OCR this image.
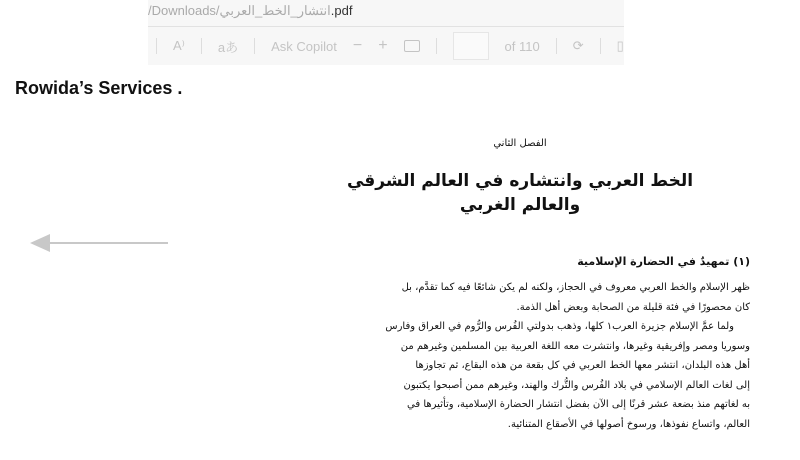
/Downloads/انتشار_الخط_العربي.pdf
A⁾	aあ	Ask Copilot − +	of 110	⟳	▯
Rowida’s Services .
الفصل الثاني
الخط العربي وانتشاره في العالم الشرقي
والعالم الغربي
(١) تمهيدٌ في الحضارة الإسلامية
ظهر الإسلام والخط العربي معروف في الحجاز، ولكنه لم يكن شائعًا فيه كما تقدَّم، بل
كان محصورًا في فئة قليلة من الصحابة وبعض أهل الذمة.
ولما عمَّ الإسلام جزيرة العرب١ كلها، وذهب بدولتي الفُرس والرُّوم في العراق وفارس
وسوريا ومصر وإفريقية وغيرها، وانتشرت معه اللغة العربية بين المسلمين وغيرهم من
أهل هذه البلدان، انتشر معها الخط العربي في كل بقعة من هذه البقاع، ثم تجاوزها
إلى لغات العالم الإسلامي في بلاد الفُرس والتُّرك والهند، وغيرهم ممن أصبحوا يكتبون
به لغاتهم منذ بضعة عشر قرنًا إلى الآن بفضل انتشار الحضارة الإسلامية، وتأثيرها في
العالم، واتساع نفوذها، ورسوخ أصولها في الأصقاع المتنائية.
